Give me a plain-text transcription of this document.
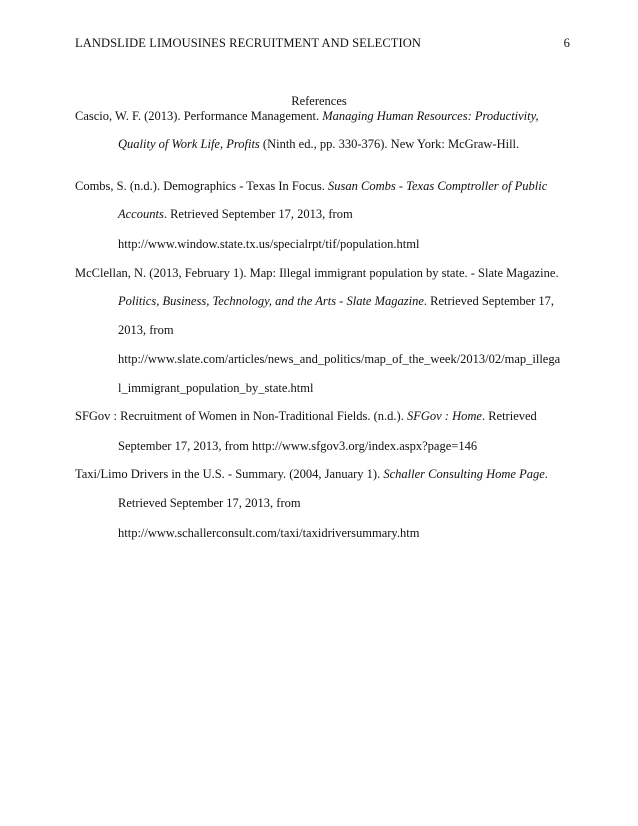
LANDSLIDE LIMOUSINES RECRUITMENT AND SELECTION	6
References
Cascio, W. F. (2013). Performance Management. Managing Human Resources: Productivity,
Quality of Work Life, Profits (Ninth ed., pp. 330-376). New York: McGraw-Hill.
Combs, S. (n.d.). Demographics - Texas In Focus. Susan Combs - Texas Comptroller of Public
Accounts. Retrieved September 17, 2013, from
http://www.window.state.tx.us/specialrpt/tif/population.html
McClellan, N. (2013, February 1). Map: Illegal immigrant population by state. - Slate Magazine.
Politics, Business, Technology, and the Arts - Slate Magazine. Retrieved September 17,
2013, from
http://www.slate.com/articles/news_and_politics/map_of_the_week/2013/02/map_illega
l_immigrant_population_by_state.html
SFGov : Recruitment of Women in Non-Traditional Fields. (n.d.). SFGov : Home. Retrieved
September 17, 2013, from http://www.sfgov3.org/index.aspx?page=146
Taxi/Limo Drivers in the U.S. - Summary. (2004, January 1). Schaller Consulting Home Page.
Retrieved September 17, 2013, from
http://www.schallerconsult.com/taxi/taxidriversummary.htm
